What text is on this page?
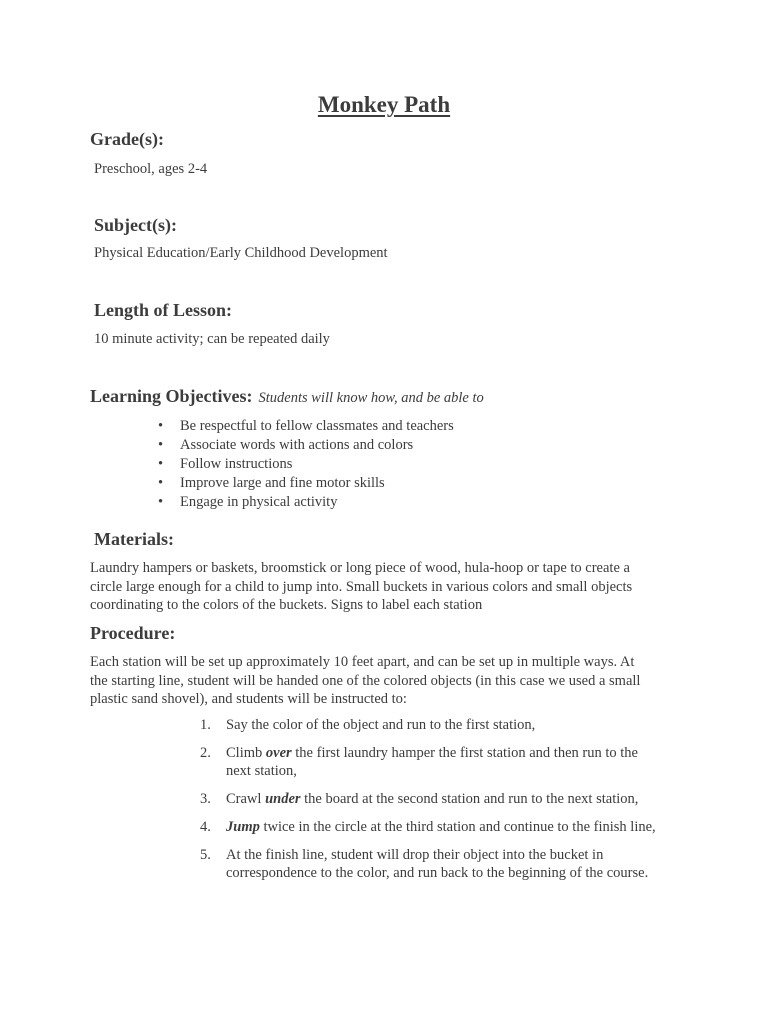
Monkey Path
Grade(s):
Preschool, ages 2-4
Subject(s):
Physical Education/Early Childhood Development
Length of Lesson:
10 minute activity; can be repeated daily
Learning Objectives: Students will know how, and be able to
• Be respectful to fellow classmates and teachers
• Associate words with actions and colors
• Follow instructions
• Improve large and fine motor skills
• Engage in physical activity
Materials:
Laundry hampers or baskets, broomstick or long piece of wood, hula-hoop or tape to create a
circle large enough for a child to jump into. Small buckets in various colors and small objects
coordinating to the colors of the buckets. Signs to label each station
Procedure:
Each station will be set up approximately 10 feet apart, and can be set up in multiple ways. At
the starting line, student will be handed one of the colored objects (in this case we used a small
plastic sand shovel), and students will be instructed to:
1.	Say the color of the object and run to the first station,
2.	Climb over the first laundry hamper the first station and then run to the
next station,
3.	Crawl under the board at the second station and run to the next station,
4.	Jump twice in the circle at the third station and continue to the finish line,
5.	At the finish line, student will drop their object into the bucket in
correspondence to the color, and run back to the beginning of the course.
